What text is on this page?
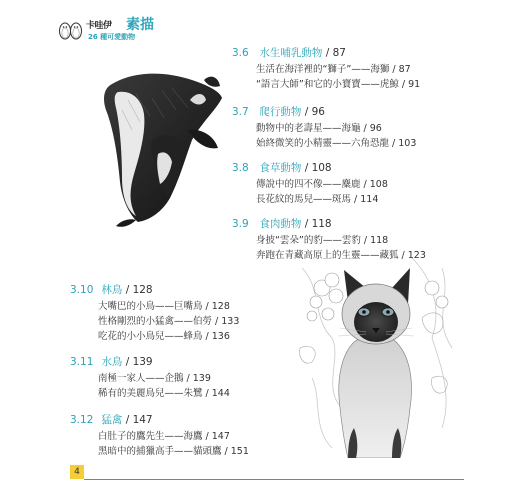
卡哇伊 素描
26 種可愛動物
3.6 水生哺乳動物 / 87
生活在海洋裡的“獅子”——海獅 / 87
“語言大師”和它的小寶寶——虎鯨 / 91
3.7 爬行動物 / 96
動物中的老壽星——海龜 / 96
始終微笑的小精靈——六角恐龍 / 103
3.8 食草動物 / 108
傳說中的四不像——麋鹿 / 108
長花紋的馬兒——斑馬 / 114
3.9 食肉動物 / 118
身披“雲朵”的豹——雲豹 / 118
奔跑在青藏高原上的生靈——藏狐 / 123
3.10 林鳥 / 128
大嘴巴的小鳥——巨嘴鳥 / 128
性格剛烈的小猛禽——伯勞 / 133
吃花的小小鳥兒——蜂鳥 / 136
3.11 水鳥 / 139
南極一家人——企鵝 / 139
稀有的美麗鳥兒——朱鷺 / 144
3.12 猛禽 / 147
白肚子的鷹先生——海鷹 / 147
黑暗中的捕獵高手——貓頭鷹 / 151
4
